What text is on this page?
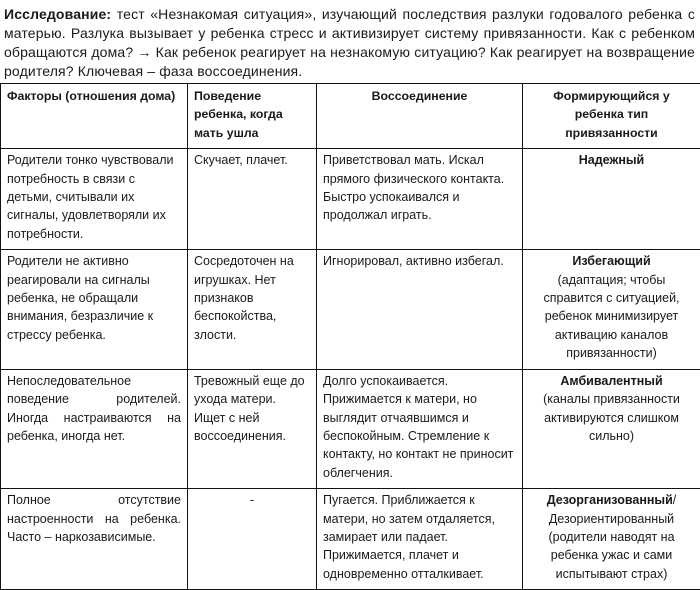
Исследование: тест «Незнакомая ситуация», изучающий последствия разлуки годовалого ребенка с матерью. Разлука вызывает у ребенка стресс и активизирует систему привязанности. Как с ребенком обращаются дома? → Как ребенок реагирует на незнакомую ситуацию? Как реагирует на возвращение родителя? Ключевая – фаза воссоединения.

Факторы (отношения дома)	Поведение ребенка, когда мать ушла	Воссоединение	Формирующийся у ребенка тип привязанности
Родители тонко чувствовали потребность в связи с детьми, считывали их сигналы, удовлетворяли их потребности.	Скучает, плачет.	Приветствовал мать. Искал прямого физического контакта. Быстро успокаивался и продолжал играть.	Надежный

Родители не активно реагировали на сигналы ребенка, не обращали внимания, безразличие к стрессу ребенка.	Сосредоточен на игрушках. Нет признаков беспокойства, злости.	Игнорировал, активно избегал.	Избегающий
(адаптация; чтобы справится с ситуацией, ребенок минимизирует активацию каналов привязанности)

Непоследовательное поведение родителей. Иногда настраиваются на ребенка, иногда нет.	Тревожный еще до ухода матери. Ищет с ней воссоединения.	Долго успокаивается. Прижимается к матери, но выглядит отчаявшимся и беспокойным. Стремление к контакту, но контакт не приносит облегчения.	Амбивалентный
(каналы привязанности активируются слишком сильно)

Полное отсутствие настроенности на ребенка. Часто – наркозависимые.	-	Пугается. Приближается к матери, но затем отдаляется, замирает или падает. Прижимается, плачет и одновременно отталкивает.	Дезорганизованный/
Дезориентированный (родители наводят на ребенка ужас и сами испытывают страх)
